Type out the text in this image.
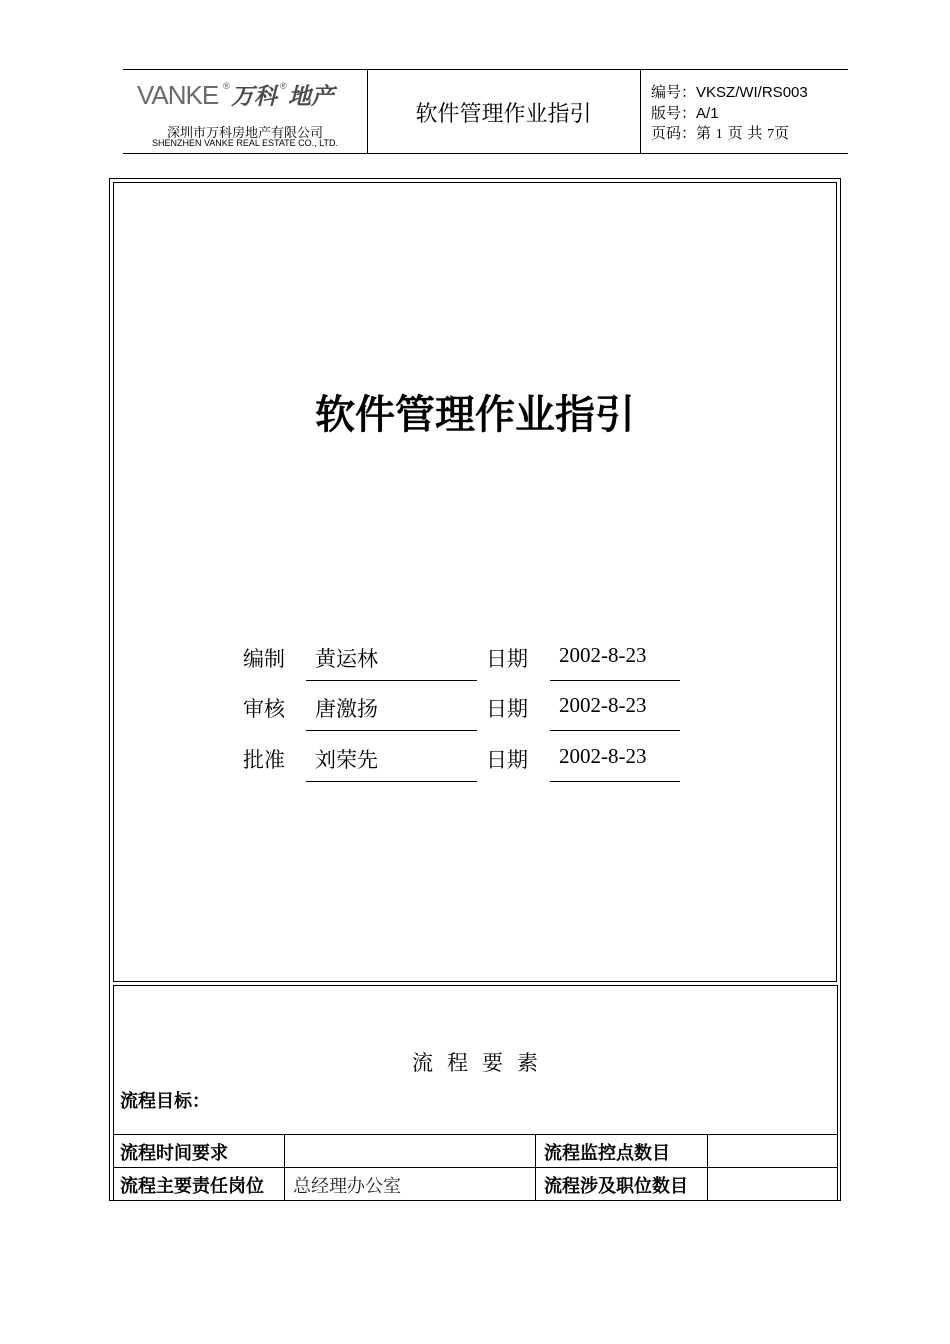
VANKE ® 万科 ® 地产
深圳市万科房地产有限公司
SHENZHEN VANKE REAL ESTATE CO., LTD.
软件管理作业指引
编号：VKSZ/WI/RS003
版号：A/1
页码：第 1 页 共 7页
软件管理作业指引
编制 黄运林	日期 2002-8-23
审核 唐激扬	日期 2002-8-23
批准 刘荣先	日期 2002-8-23
流程要素
流程目标：
流程时间要求	流程监控点数目
流程主要责任岗位 总经理办公室	流程涉及职位数目
